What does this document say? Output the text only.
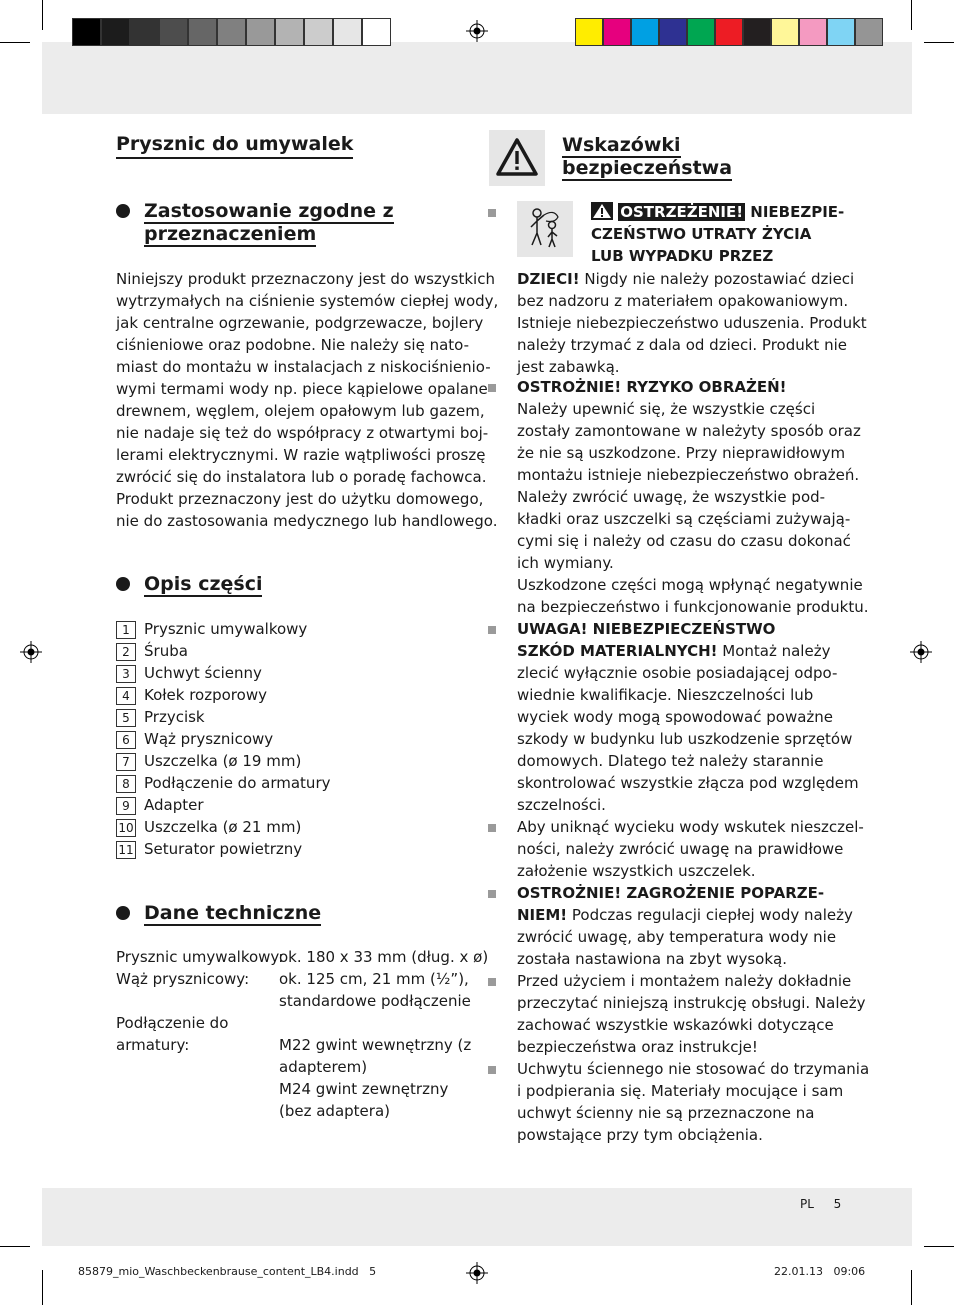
Prysznic do umywalek
Zastosowanie zgodne z
przeznaczeniem
Niniejszy produkt przeznaczony jest do wszystkich
wytrzymałych na ciśnienie systemów ciepłej wody,
jak centralne ogrzewanie, podgrzewacze, bojlery
ciśnieniowe oraz podobne. Nie należy się nato-
miast do montażu w instalacjach z niskociśnienio-
wymi termami wody np. piece kąpielowe opalane
drewnem, węglem, olejem opałowym lub gazem,
nie nadaje się też do współpracy z otwartymi boj-
lerami elektrycznymi. W razie wątpliwości proszę
zwrócić się do instalatora lub o poradę fachowca.
Produkt przeznaczony jest do użytku domowego,
nie do zastosowania medycznego lub handlowego.
Opis części
1 Prysznic umywalkowy
2 Śruba
3 Uchwyt ścienny
4 Kołek rozporowy
5 Przycisk
6 Wąż prysznicowy
7 Uszczelka (ø 19 mm)
8 Podłączenie do armatury
9 Adapter
10 Uszczelka (ø 21 mm)
11 Seturator powietrzny
Dane techniczne
Prysznic umywalkowy:
ok. 180 x 33 mm (dług. x ø)
Wąż prysznicowy: ok. 125 cm, 21 mm (½”),
standardowe podłączenie
Podłączenie do
armatury:	M22 gwint wewnętrzny (z
adapterem)
M24 gwint zewnętrzny
(bez adaptera)
Wskazówki
bezpieczeństwa
OSTRZEŻENIE! NIEBEZPIE-
CZEŃSTWO UTRATY ŻYCIA
LUB WYPADKU PRZEZ
DZIECI! Nigdy nie należy pozostawiać dzieci
bez nadzoru z materiałem opakowaniowym.
Istnieje niebezpieczeństwo uduszenia. Produkt
należy trzymać z dala od dzieci. Produkt nie
jest zabawką.
OSTROŻNIE! RYZYKO OBRAŻEŃ!
Należy upewnić się, że wszystkie części
zostały zamontowane w należyty sposób oraz
że nie są uszkodzone. Przy nieprawidłowym
montażu istnieje niebezpieczeństwo obrażeń.
Należy zwrócić uwagę, że wszystkie pod-
kładki oraz uszczelki są częściami zużywają-
cymi się i należy od czasu do czasu dokonać
ich wymiany.
Uszkodzone części mogą wpłynąć negatywnie
na bezpieczeństwo i funkcjonowanie produktu.
UWAGA! NIEBEZPIECZEŃSTWO
SZKÓD MATERIALNYCH! Montaż należy
zlecić wyłącznie osobie posiadającej odpo-
wiednie kwalifikacje. Nieszczelności lub
wyciek wody mogą spowodować poważne
szkody w budynku lub uszkodzenie sprzętów
domowych. Dlatego też należy starannie
skontrolować wszystkie złącza pod względem
szczelności.
Aby uniknąć wycieku wody wskutek nieszczel-
ności, należy zwrócić uwagę na prawidłowe
założenie wszystkich uszczelek.
OSTROŻNIE! ZAGROŻENIE POPARZE-
NIEM! Podczas regulacji ciepłej wody należy
zwrócić uwagę, aby temperatura wody nie
została nastawiona na zbyt wysoką.
Przed użyciem i montażem należy dokładnie
przeczytać niniejszą instrukcję obsługi. Należy
zachować wszystkie wskazówki dotyczące
bezpieczeństwa oraz instrukcje!
Uchwytu ściennego nie stosować do trzymania
i podpierania się. Materiały mocujące i sam
uchwyt ścienny nie są przeznaczone na
powstające przy tym obciążenia.
PL 5
85879_mio_Waschbeckenbrause_content_LB4.indd   5	22.01.13   09:06
